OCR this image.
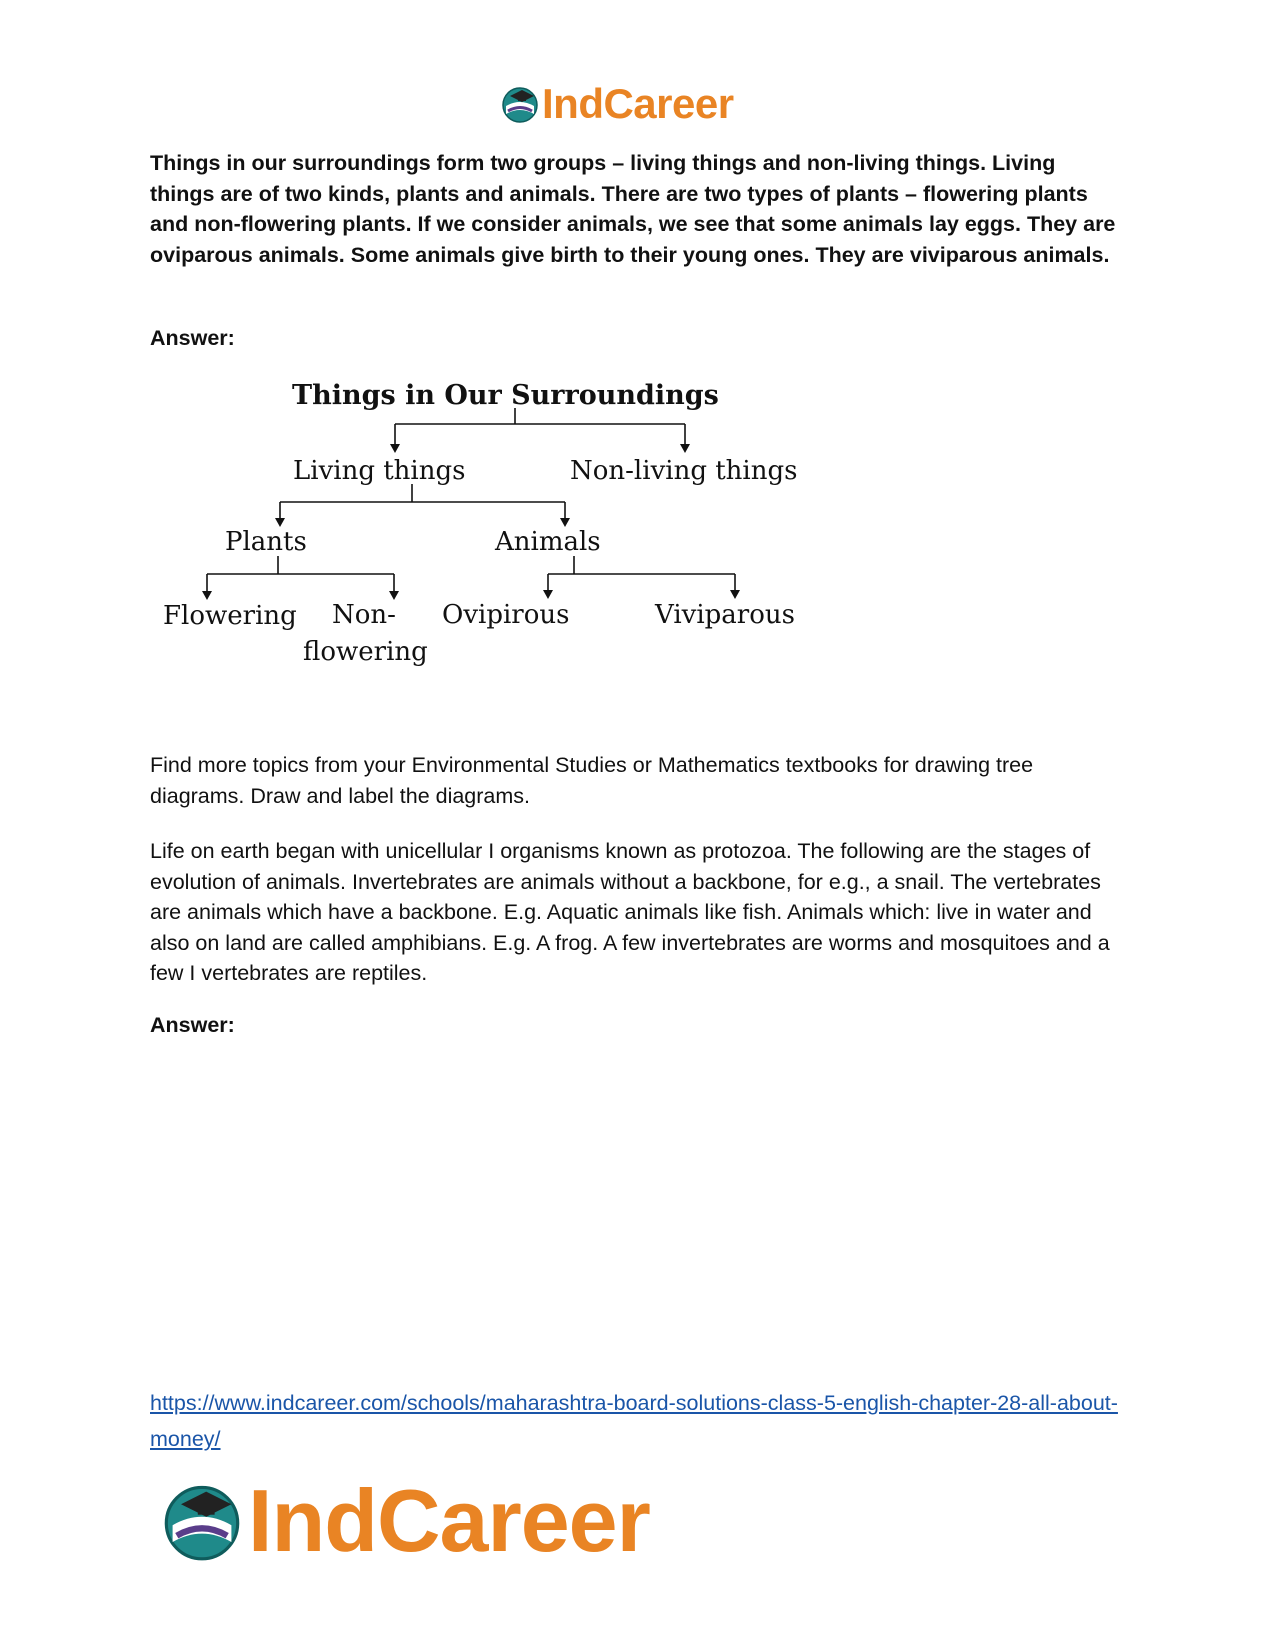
IndCareer

Things in our surroundings form two groups – living things and non-living things. Living things are of two kinds, plants and animals. There are two types of plants – flowering plants and non-flowering plants. If we consider animals, we see that some animals lay eggs. They are oviparous animals. Some animals give birth to their young ones. They are viviparous animals.

Answer:

Things in Our Surroundings
Living things	Non-living things
Plants	Animals
Flowering Non-
flowering
Ovipirous	Viviparous

Find more topics from your Environmental Studies or Mathematics textbooks for drawing tree diagrams. Draw and label the diagrams.

Life on earth began with unicellular I organisms known as protozoa. The following are the stages of evolution of animals. Invertebrates are animals without a backbone, for e.g., a snail. The vertebrates are animals which have a backbone. E.g. Aquatic animals like fish. Animals which: live in water and also on land are called amphibians. E.g. A frog. A few invertebrates are worms and mosquitoes and a few I vertebrates are reptiles.

Answer:

https://www.indcareer.com/schools/maharashtra-board-solutions-class-5-english-chapter-28-all-about-money/
IndCareer
